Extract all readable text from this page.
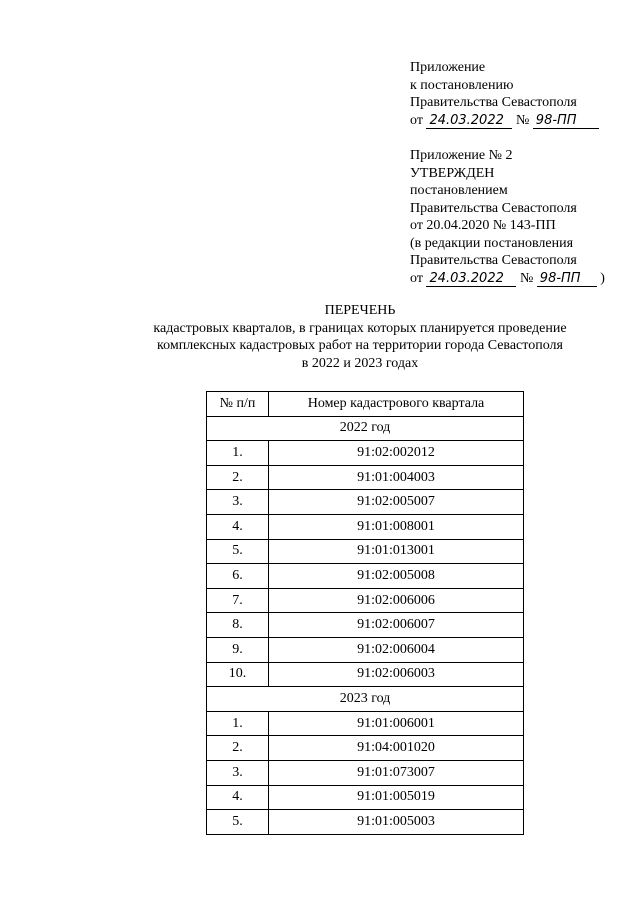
Приложение
к постановлению
Правительства Севастополя
от 24.03.2022 № 98-ПП
Приложение № 2
УТВЕРЖДЕН
постановлением
Правительства Севастополя
от 20.04.2020 № 143-ПП
(в редакции постановления
Правительства Севастополя
от 24.03.2022 № 98-ПП )
ПЕРЕЧЕНЬ
кадастровых кварталов, в границах которых планируется проведение
комплексных кадастровых работ на территории города Севастополя
в 2022 и 2023 годах
№ п/п	Номер кадастрового квартала
2022 год	
1.	91:02:002012
2.	91:01:004003
3.	91:02:005007
4.	91:01:008001
5.	91:01:013001
6.	91:02:005008
7.	91:02:006006
8.	91:02:006007
9.	91:02:006004
10.	91:02:006003
2023 год	
1.	91:01:006001
2.	91:04:001020
3.	91:01:073007
4.	91:01:005019
5.	91:01:005003
